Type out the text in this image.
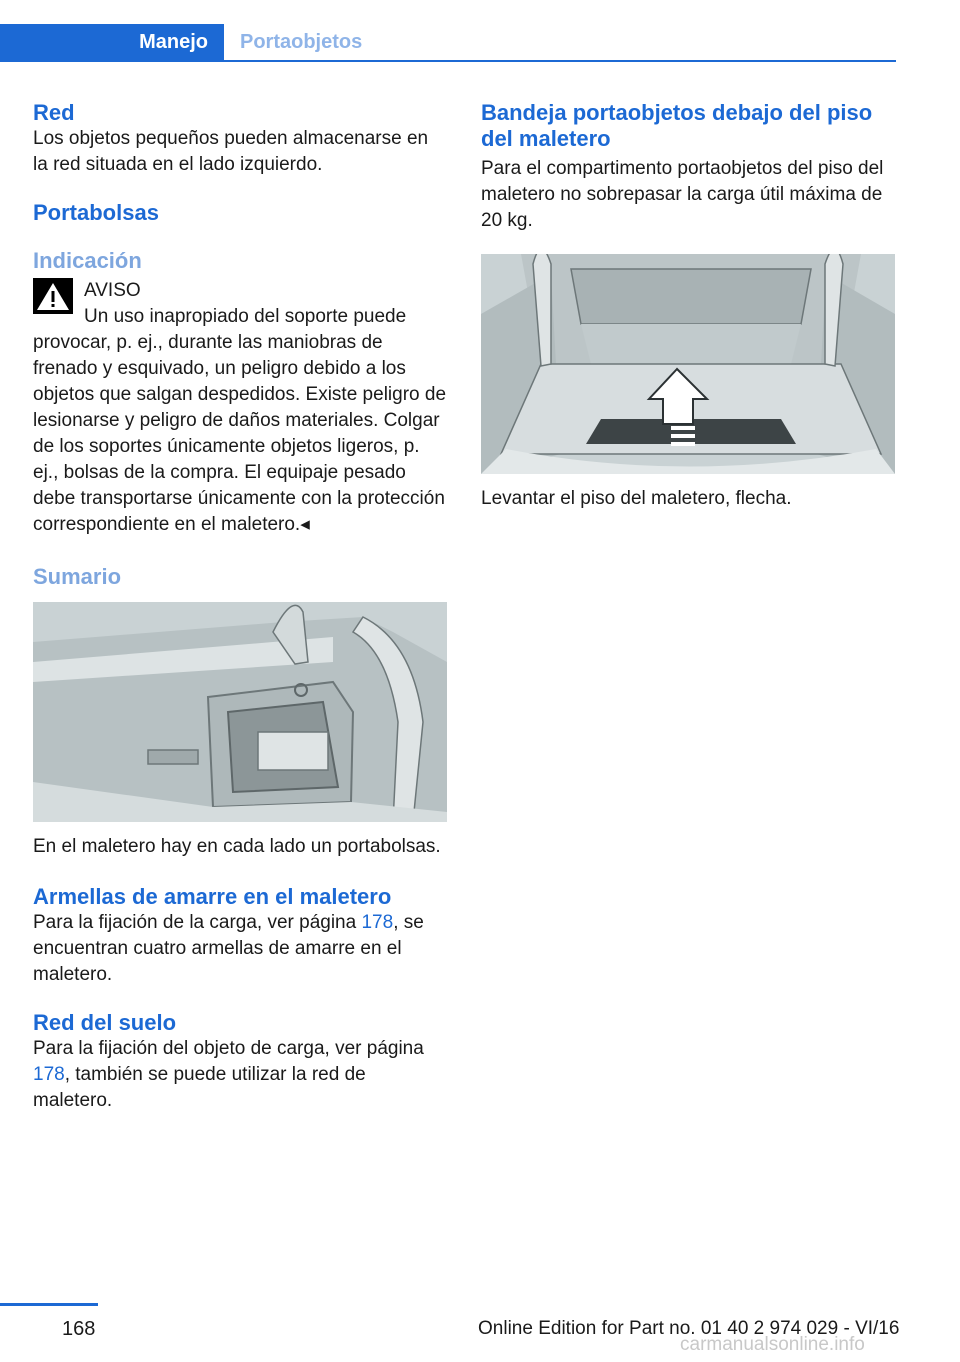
Manejo	Portaobjetos
Red

Los objetos pequeños pueden almacenarse en la red situada en el lado izquierdo.

Portabolsas
Indicación

AVISO

Un uso inapropiado del soporte puede

provocar, p. ej., durante las maniobras de frenado y esquivado, un peligro debido a los objetos que salgan despedidos. Existe peligro de lesionarse y peligro de daños materiales. Colgar de los soportes únicamente objetos ligeros, p. ej., bolsas de la compra. El equipaje pesado debe transportarse únicamente con la protección correspondiente en el maletero.◂

Sumario

En el maletero hay en cada lado un portabolsas.

Armellas de amarre en el maletero

Para la fijación de la carga, ver página 178, se encuentran cuatro armellas de amarre en el maletero.

Red del suelo

Para la fijación del objeto de carga, ver página 178, también se puede utilizar la red de maletero.

Bandeja portaobjetos debajo del piso del maletero

Para el compartimento portaobjetos del piso del maletero no sobrepasar la carga útil máxima de 20 kg.

Levantar el piso del maletero, flecha.

168	Online Edition for Part no. 01 40 2 974 029 - VI/16
carmanualsonline.info
